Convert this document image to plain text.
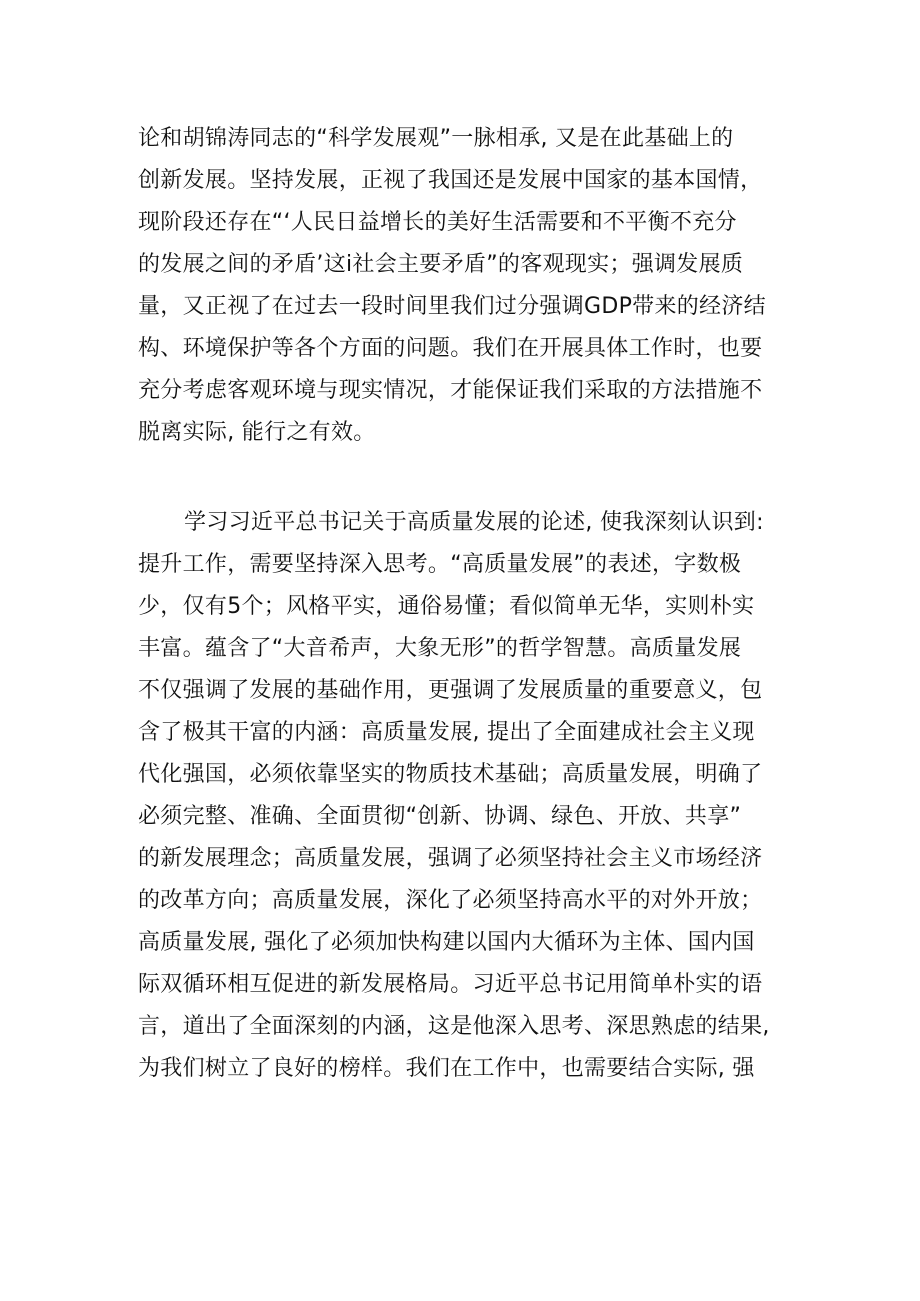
论和胡锦涛同志的“科学发展观”一脉相承, 又是在此基础上的
创新发展。坚持发展，正视了我国还是发展中国家的基本国情，
现阶段还存在“‘人民日益增长的美好生活需要和不平衡不充分
的发展之间的矛盾’这i社会主要矛盾”的客观现实；强调发展质
量，又正视了在过去一段时间里我们过分强调GDP带来的经济结
构、环境保护等各个方面的问题。我们在开展具体工作时，也要
充分考虑客观环境与现实情况，才能保证我们采取的方法措施不
脱离实际, 能行之有效。
学习习近平总书记关于高质量发展的论述, 使我深刻认识到:
提升工作，需要坚持深入思考。“高质量发展”的表述，字数极
少，仅有5个；风格平实，通俗易懂；看似简单无华，实则朴实
丰富。蕴含了“大音希声，大象无形”的哲学智慧。高质量发展
不仅强调了发展的基础作用，更强调了发展质量的重要意义，包
含了极其干富的内涵：高质量发展, 提出了全面建成社会主义现
代化强国，必须依靠坚实的物质技术基础；高质量发展，明确了
必须完整、准确、全面贯彻“创新、协调、绿色、开放、共享”
的新发展理念；高质量发展，强调了必须坚持社会主义市场经济
的改革方向；高质量发展，深化了必须坚持高水平的对外开放；
高质量发展, 强化了必须加快构建以国内大循环为主体、国内国
际双循环相互促进的新发展格局。习近平总书记用简单朴实的语
言，道出了全面深刻的内涵，这是他深入思考、深思熟虑的结果,
为我们树立了良好的榜样。我们在工作中，也需要结合实际, 强
